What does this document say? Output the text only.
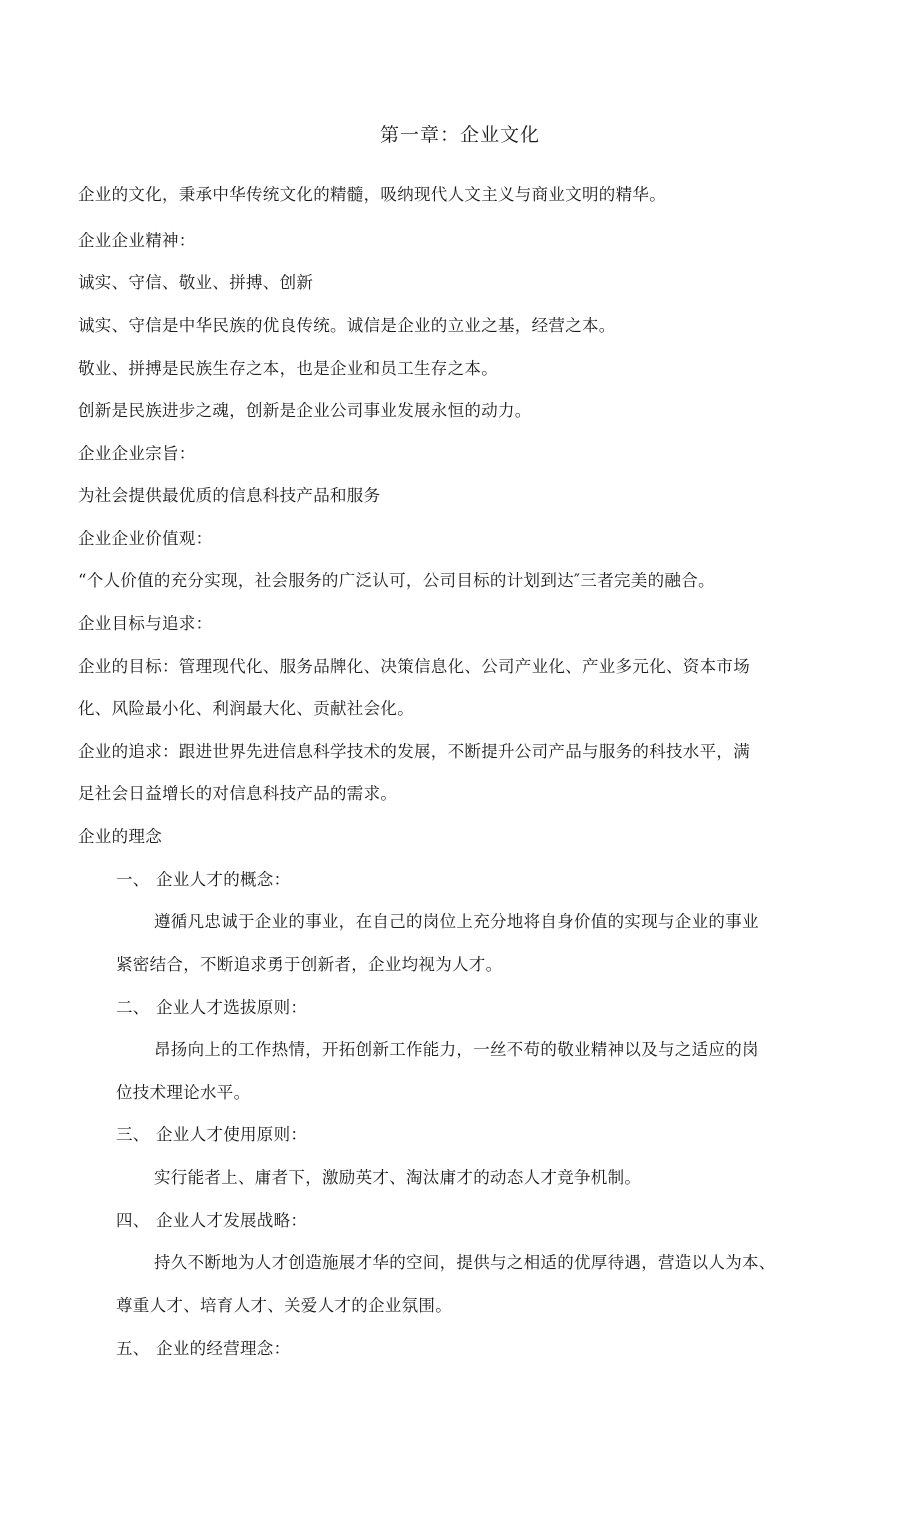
第一章：企业文化
企业的文化，秉承中华传统文化的精髓，吸纳现代人文主义与商业文明的精华。
企业企业精神：
诚实、守信、敬业、拼搏、创新
诚实、守信是中华民族的优良传统。诚信是企业的立业之基，经营之本。
敬业、拼搏是民族生存之本，也是企业和员工生存之本。
创新是民族进步之魂，创新是企业公司事业发展永恒的动力。
企业企业宗旨：
为社会提供最优质的信息科技产品和服务
企业企业价值观：
“个人价值的充分实现，社会服务的广泛认可，公司目标的计划到达″三者完美的融合。
企业目标与追求：
企业的目标：管理现代化、服务品牌化、决策信息化、公司产业化、产业多元化、资本市场
化、风险最小化、利润最大化、贡献社会化。
企业的追求：跟进世界先进信息科学技术的发展，不断提升公司产品与服务的科技水平，满
足社会日益增长的对信息科技产品的需求。
企业的理念
一、 企业人才的概念：
遵循凡忠诚于企业的事业，在自己的岗位上充分地将自身价值的实现与企业的事业
紧密结合，不断追求勇于创新者，企业均视为人才。
二、 企业人才选拔原则：
昂扬向上的工作热情，开拓创新工作能力，一丝不苟的敬业精神以及与之适应的岗
位技术理论水平。
三、 企业人才使用原则：
实行能者上、庸者下，激励英才、淘汰庸才的动态人才竞争机制。
四、 企业人才发展战略：
持久不断地为人才创造施展才华的空间，提供与之相适的优厚待遇，营造以人为本、
尊重人才、培育人才、关爱人才的企业氛围。
五、 企业的经营理念：
